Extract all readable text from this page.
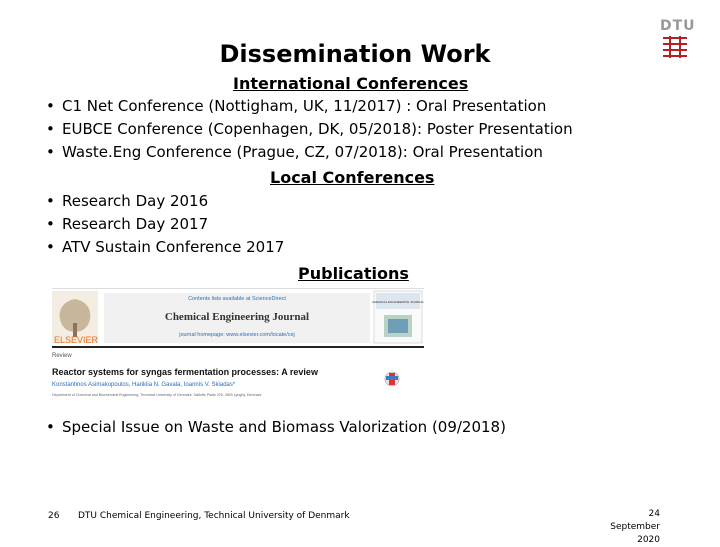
Dissemination Work
DTU
International Conferences
• C1 Net Conference (Nottigham, UK, 11/2017) : Oral Presentation
• EUBCE Conference (Copenhagen, DK, 05/2018): Poster Presentation
• Waste.Eng Conference (Prague, CZ, 07/2018): Oral Presentation
Local Conferences
• Research Day 2016
• Research Day 2017
• ATV Sustain Conference 2017
Publications
ELSEVIER
Contents lists available at ScienceDirect
Chemical Engineering Journal
journal homepage: www.elsevier.com/locate/cej
CHEMICAL ENGINEERING JOURNAL
Review
Reactor systems for syngas fermentation processes: A review
Konstantinos Asimakopoulos, Hariklia N. Gavala, Ioannis V. Skiadas*
Department of Chemical and Biochemical Engineering, Technical University of Denmark, Søltofts Plads 229, 2800 Lyngby, Denmark
• Special Issue on Waste and Biomass Valorization (09/2018)
26 DTU Chemical Engineering, Technical University of Denmark	24
September
2020
